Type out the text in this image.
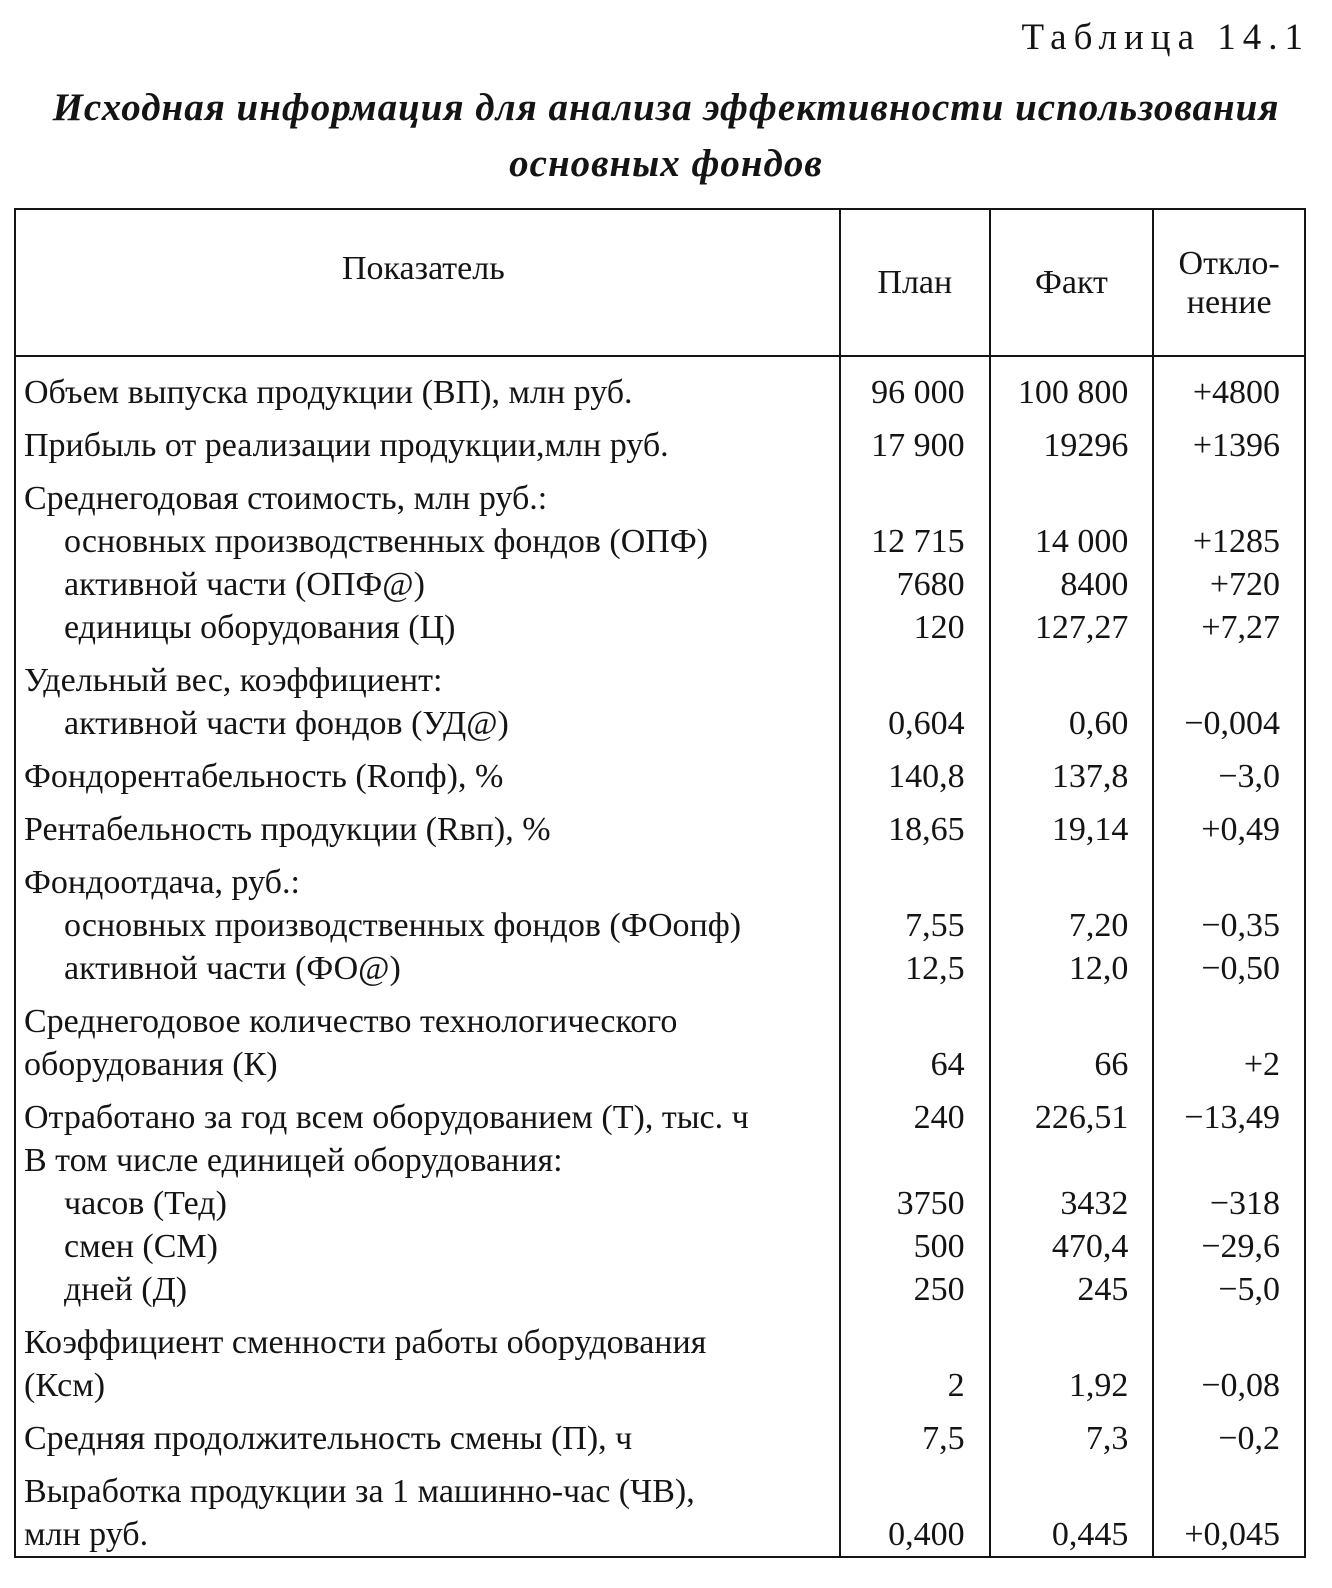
Таблица 14.1
Исходная информация для анализа эффективности использования основных фондов
Показатель	План	Факт	Откло-
нение

Объем выпуска продукции (ВП), млн руб.	96 000	100 800	+4800

Прибыль от реализации продукции,млн руб.	17 900	19296	+1396

Среднегодовая стоимость, млн руб.:			

основных производственных фондов (ОПФ)	12 715	14 000	+1285

активной части (ОПФ@)	7680	8400	+720

единицы оборудования (Ц)	120	127,27	+7,27

Удельный вес, коэффициент:			

активной части фондов (УД@)	0,604	0,60	−0,004

Фондорентабельность (Rопф), %	140,8	137,8	−3,0

Рентабельность продукции (Rвп), %	18,65	19,14	+0,49

Фондоотдача, руб.:			

основных производственных фондов (ФОопф)	7,55	7,20	−0,35

активной части (ФО@)	12,5	12,0	−0,50

Среднегодовое количество технологического
оборудования (К)	64	66	+2

Отработано за год всем оборудованием (Т), тыс. ч	240	226,51	−13,49

В том числе единицей оборудования:			

часов (Тед)	3750	3432	−318

смен (СМ)	500	470,4	−29,6

дней (Д)	250	245	−5,0

Коэффициент сменности работы оборудования
(Ксм)	2	1,92	−0,08

Средняя продолжительность смены (П), ч	7,5	7,3	−0,2

Выработка продукции за 1 машинно-час (ЧВ),
млн руб.	0,400	0,445	+0,045
